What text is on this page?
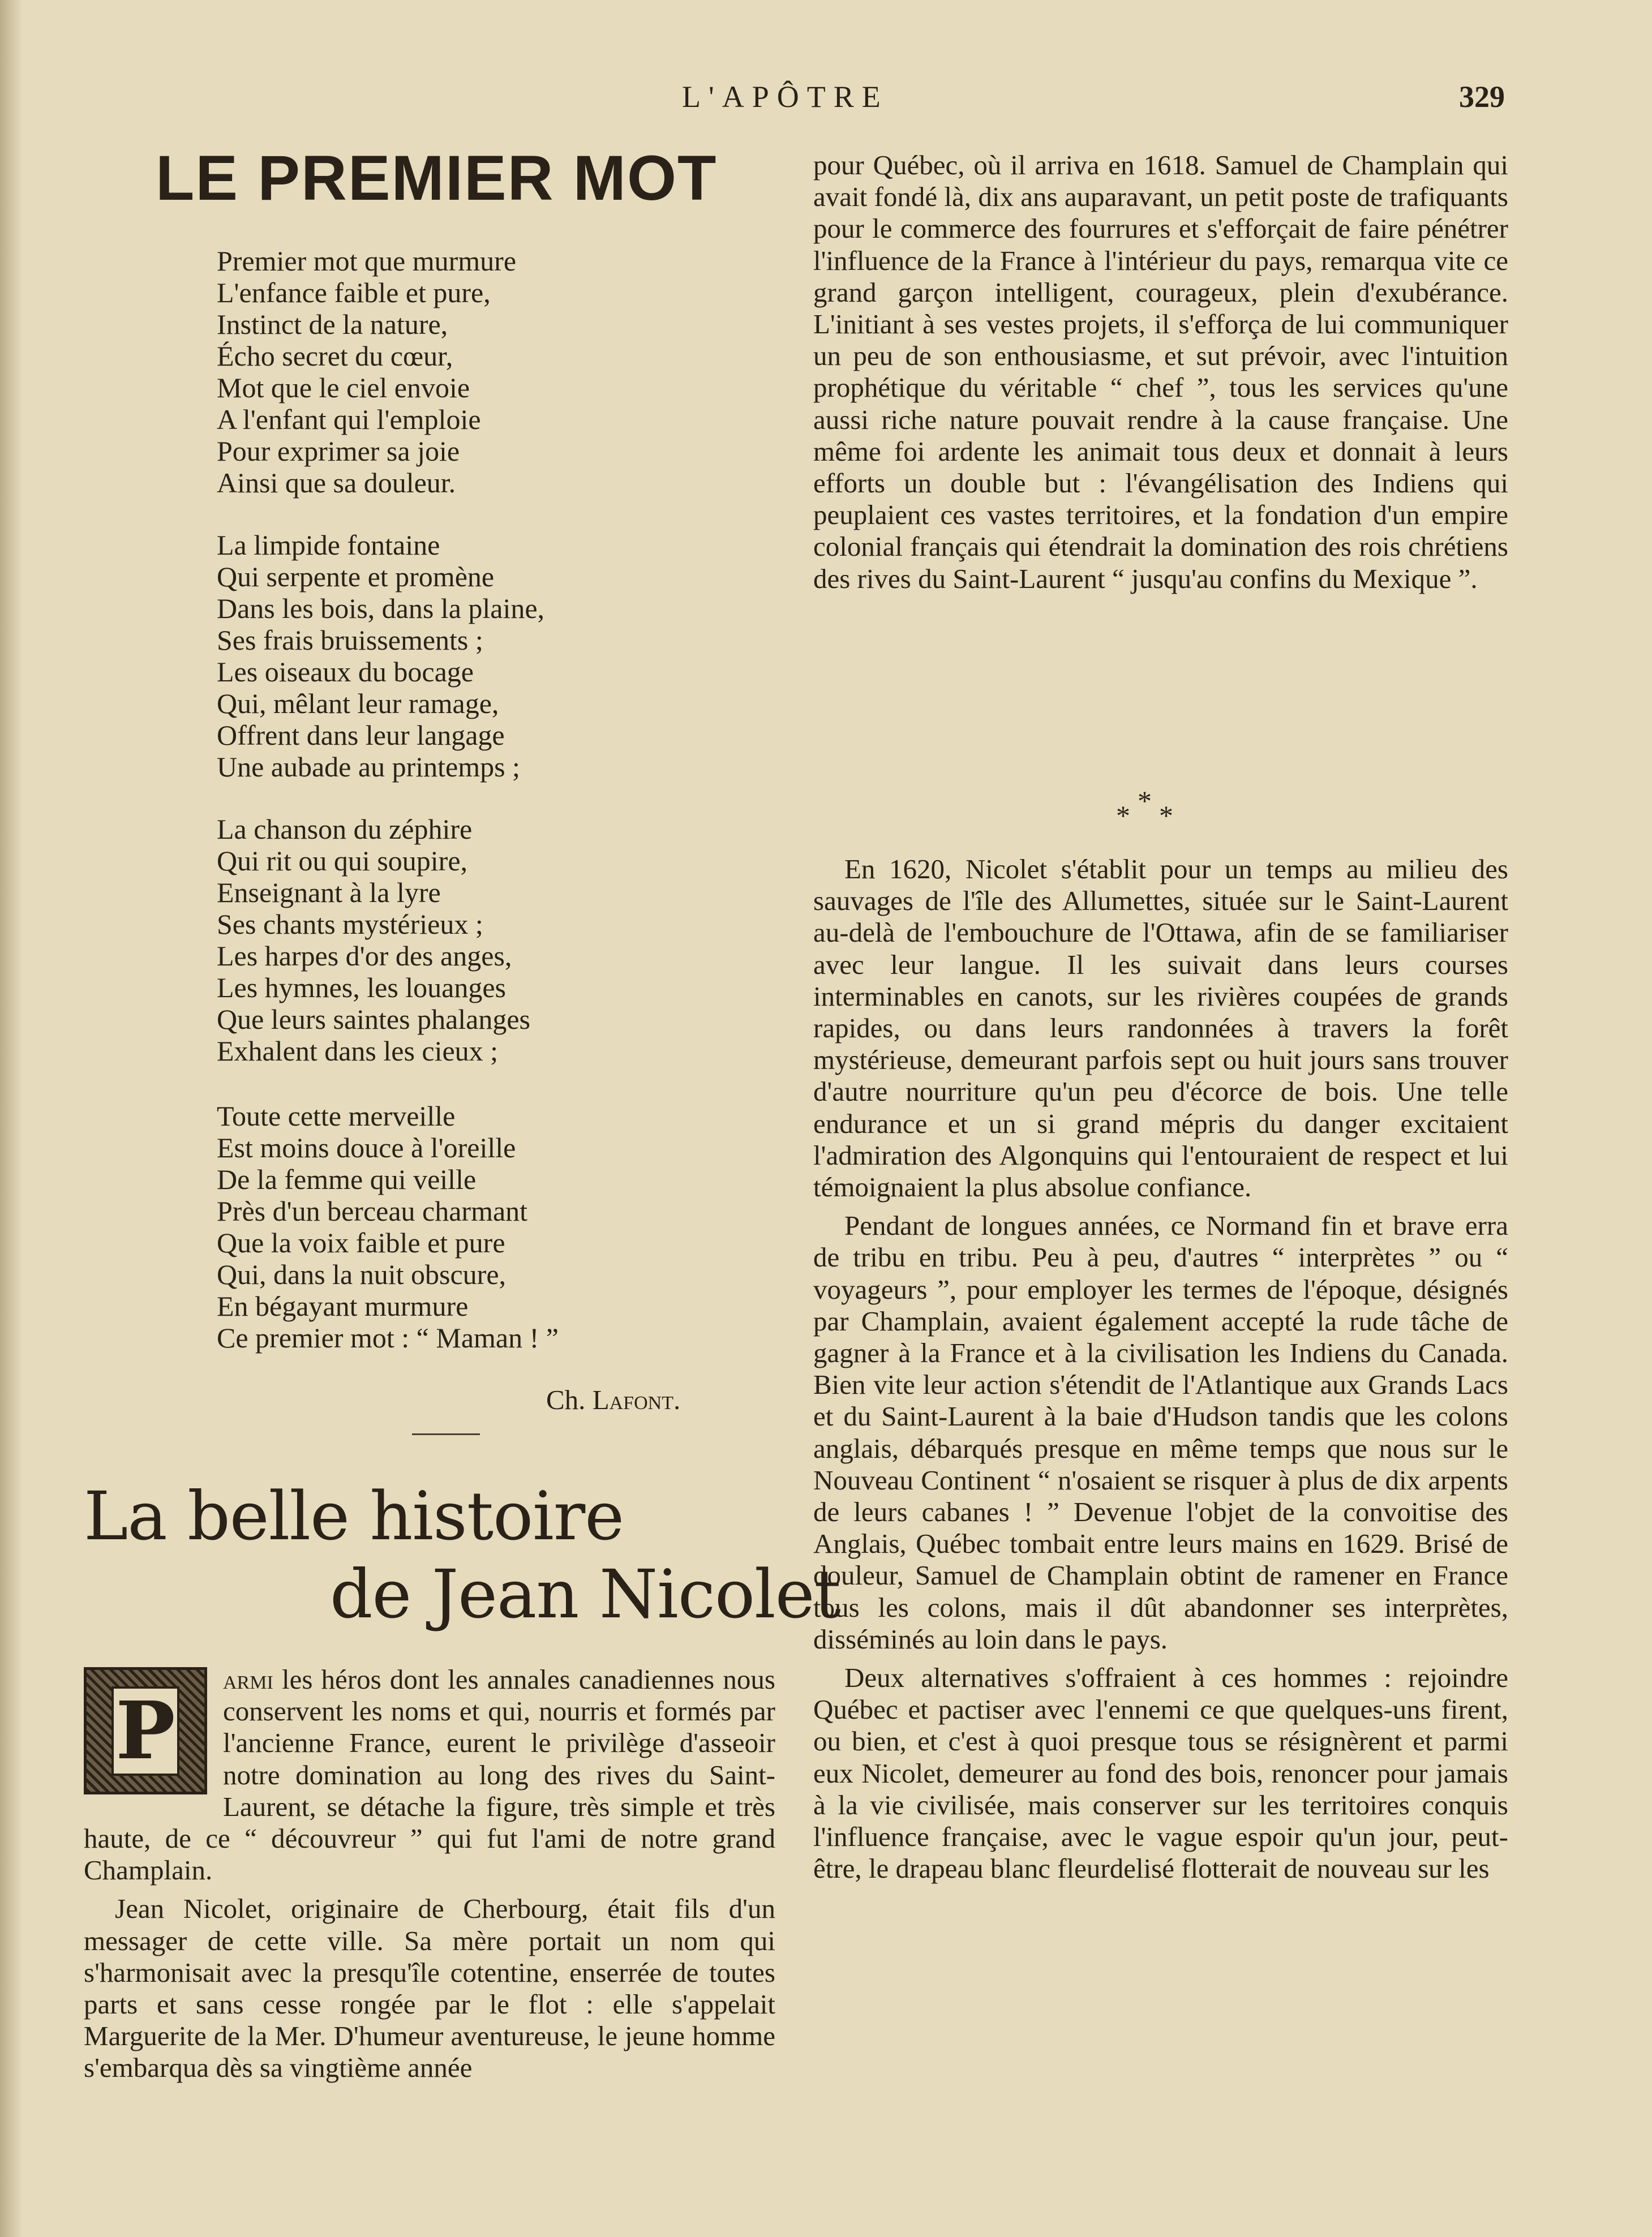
L'APÔTRE	329
LE PREMIER MOT
Premier mot que murmure
L'enfance faible et pure,
Instinct de la nature,
Écho secret du cœur,
Mot que le ciel envoie
A l'enfant qui l'emploie
Pour exprimer sa joie
Ainsi que sa douleur.
La limpide fontaine
Qui serpente et promène
Dans les bois, dans la plaine,
Ses frais bruissements ;
Les oiseaux du bocage
Qui, mêlant leur ramage,
Offrent dans leur langage
Une aubade au printemps ;
La chanson du zéphire
Qui rit ou qui soupire,
Enseignant à la lyre
Ses chants mystérieux ;
Les harpes d'or des anges,
Les hymnes, les louanges
Que leurs saintes phalanges
Exhalent dans les cieux ;
Toute cette merveille
Est moins douce à l'oreille
De la femme qui veille
Près d'un berceau charmant
Que la voix faible et pure
Qui, dans la nuit obscure,
En bégayant murmure
Ce premier mot : “ Maman ! ”
Ch. Lafont.
La belle histoire
de Jean Nicolet
P

armi les héros dont les annales canadiennes nous conservent les noms et qui, nourris et formés par l'ancienne France, eurent le privilège d'asseoir notre domination au long des rives du Saint-Laurent, se détache la figure, très simple et très haute, de ce “ découvreur ” qui fut l'ami de notre grand Champlain.

Jean Nicolet, originaire de Cherbourg, était fils d'un messager de cette ville. Sa mère portait un nom qui s'harmonisait avec la presqu'île cotentine, enserrée de toutes parts et sans cesse rongée par le flot : elle s'appelait Marguerite de la Mer. D'humeur aventureuse, le jeune homme s'embarqua dès sa vingtième année

pour Québec, où il arriva en 1618. Samuel de Champlain qui avait fondé là, dix ans auparavant, un petit poste de trafiquants pour le commerce des fourrures et s'efforçait de faire pénétrer l'influence de la France à l'intérieur du pays, remarqua vite ce grand garçon intelligent, courageux, plein d'exubérance. L'initiant à ses vestes projets, il s'efforça de lui communiquer un peu de son enthousiasme, et sut prévoir, avec l'intuition prophétique du véritable “ chef ”, tous les services qu'une aussi riche nature pouvait rendre à la cause française. Une même foi ardente les animait tous deux et donnait à leurs efforts un double but : l'évangélisation des Indiens qui peuplaient ces vastes territoires, et la fondation d'un empire colonial français qui étendrait la domination des rois chrétiens des rives du Saint-Laurent “ jusqu'au confins du Mexique ”.

*
* *

En 1620, Nicolet s'établit pour un temps au milieu des sauvages de l'île des Allumettes, située sur le Saint-Laurent au-delà de l'embouchure de l'Ottawa, afin de se familiariser avec leur langue. Il les suivait dans leurs courses interminables en canots, sur les rivières coupées de grands rapides, ou dans leurs randonnées à travers la forêt mystérieuse, demeurant parfois sept ou huit jours sans trouver d'autre nourriture qu'un peu d'écorce de bois. Une telle endurance et un si grand mépris du danger excitaient l'admiration des Algonquins qui l'entouraient de respect et lui témoignaient la plus absolue confiance.

Pendant de longues années, ce Normand fin et brave erra de tribu en tribu. Peu à peu, d'autres “ interprètes ” ou “ voyageurs ”, pour employer les termes de l'époque, désignés par Champlain, avaient également accepté la rude tâche de gagner à la France et à la civilisation les Indiens du Canada. Bien vite leur action s'étendit de l'Atlantique aux Grands Lacs et du Saint-Laurent à la baie d'Hudson tandis que les colons anglais, débarqués presque en même temps que nous sur le Nouveau Continent “ n'osaient se risquer à plus de dix arpents de leurs cabanes ! ” Devenue l'objet de la convoitise des Anglais, Québec tombait entre leurs mains en 1629. Brisé de douleur, Samuel de Champlain obtint de ramener en France tous les colons, mais il dût abandonner ses interprètes, disséminés au loin dans le pays.

Deux alternatives s'offraient à ces hommes : rejoindre Québec et pactiser avec l'ennemi ce que quelques-uns firent, ou bien, et c'est à quoi presque tous se résignèrent et parmi eux Nicolet, demeurer au fond des bois, renoncer pour jamais à la vie civilisée, mais conserver sur les territoires conquis l'influence française, avec le vague espoir qu'un jour, peut-être, le drapeau blanc fleurdelisé flotterait de nouveau sur les
